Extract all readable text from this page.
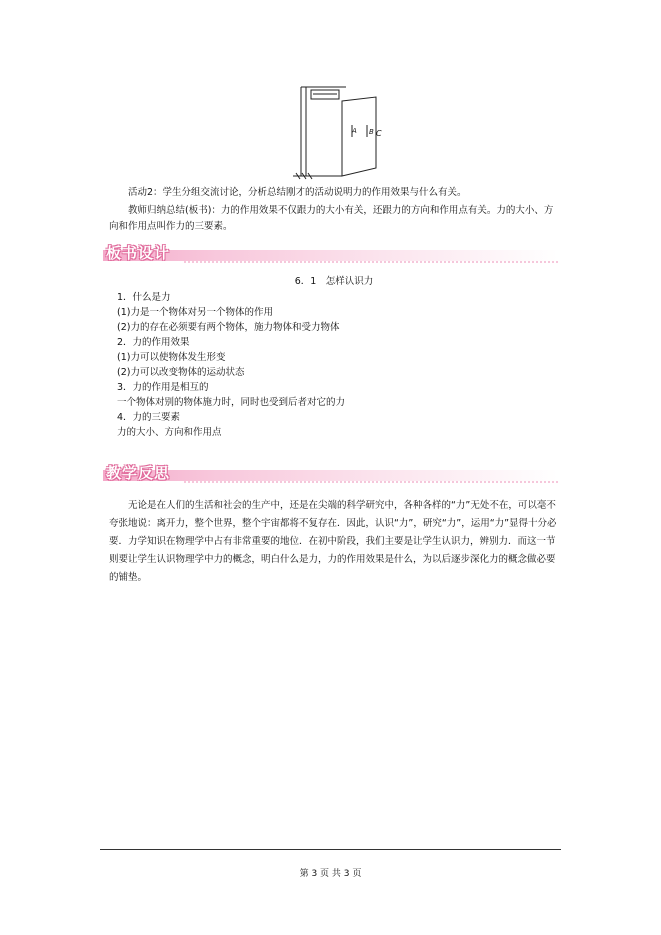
A B C

活动2：学生分组交流讨论，分析总结刚才的活动说明力的作用效果与什么有关。

教师归纳总结(板书)：力的作用效果不仅跟力的大小有关，还跟力的方向和作用点有关。力的大小、方向和作用点叫作力的三要素。

板书设计

6．1　怎样认识力

1．什么是力
(1)力是一个物体对另一个物体的作用
(2)力的存在必须要有两个物体，施力物体和受力物体
2．力的作用效果
(1)力可以使物体发生形变
(2)力可以改变物体的运动状态
3．力的作用是相互的
一个物体对别的物体施力时，同时也受到后者对它的力
4．力的三要素
力的大小、方向和作用点
教学反思

无论是在人们的生活和社会的生产中，还是在尖端的科学研究中，各种各样的“力”无处不在，可以毫不夸张地说：离开力，整个世界，整个宇宙都将不复存在．因此，认识“力”，研究“力”，运用“力”显得十分必要．力学知识在物理学中占有非常重要的地位．在初中阶段，我们主要是让学生认识力，辨别力．而这一节则要让学生认识物理学中力的概念，明白什么是力，力的作用效果是什么，为以后逐步深化力的概念做必要的铺垫。

第 3 页 共 3 页
